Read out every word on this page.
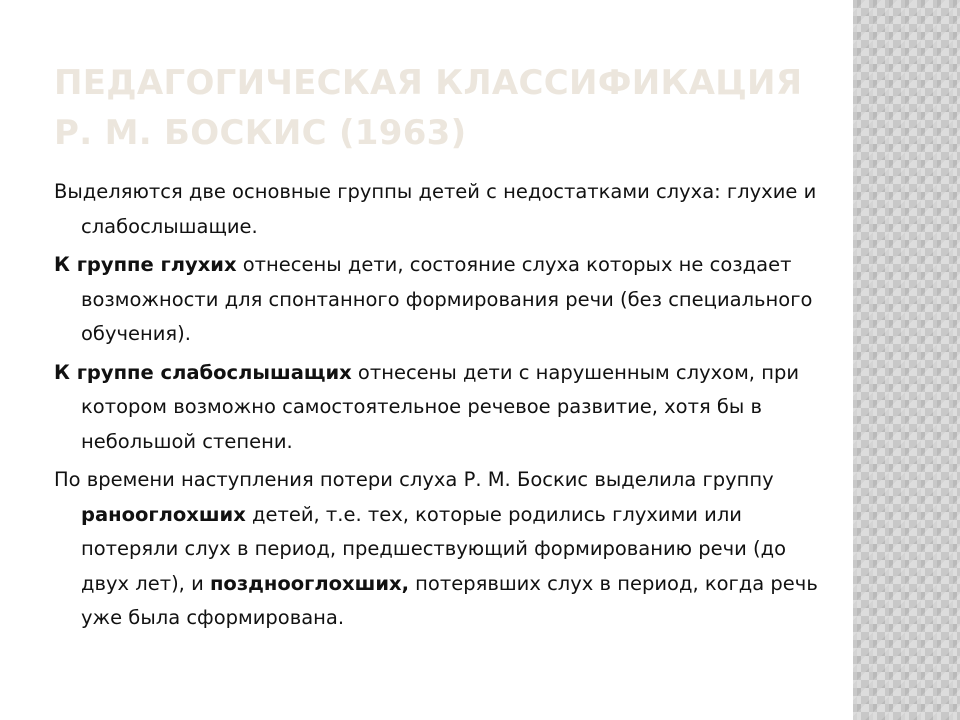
ПЕДАГОГИЧЕСКАЯ КЛАССИФИКАЦИЯ
Р. М. БОСКИС (1963)

Выделяются две основные группы детей с недостатками слуха: глухие и слабослышащие.

К группе глухих отнесены дети, состояние слуха которых не создает возможности для спонтанного формирования речи (без специального обучения).

К группе слабослышащих отнесены дети с нарушенным слухом, при котором возможно самостоятельное речевое развитие, хотя бы в небольшой степени.

По времени наступления потери слуха Р. М. Боскис выделила группу ранооглохших детей, т.е. тех, которые родились глухими или потеряли слух в период, предшествующий формированию речи (до двух лет), и позднооглохших, потерявших слух в период, когда речь уже была сформирована.
